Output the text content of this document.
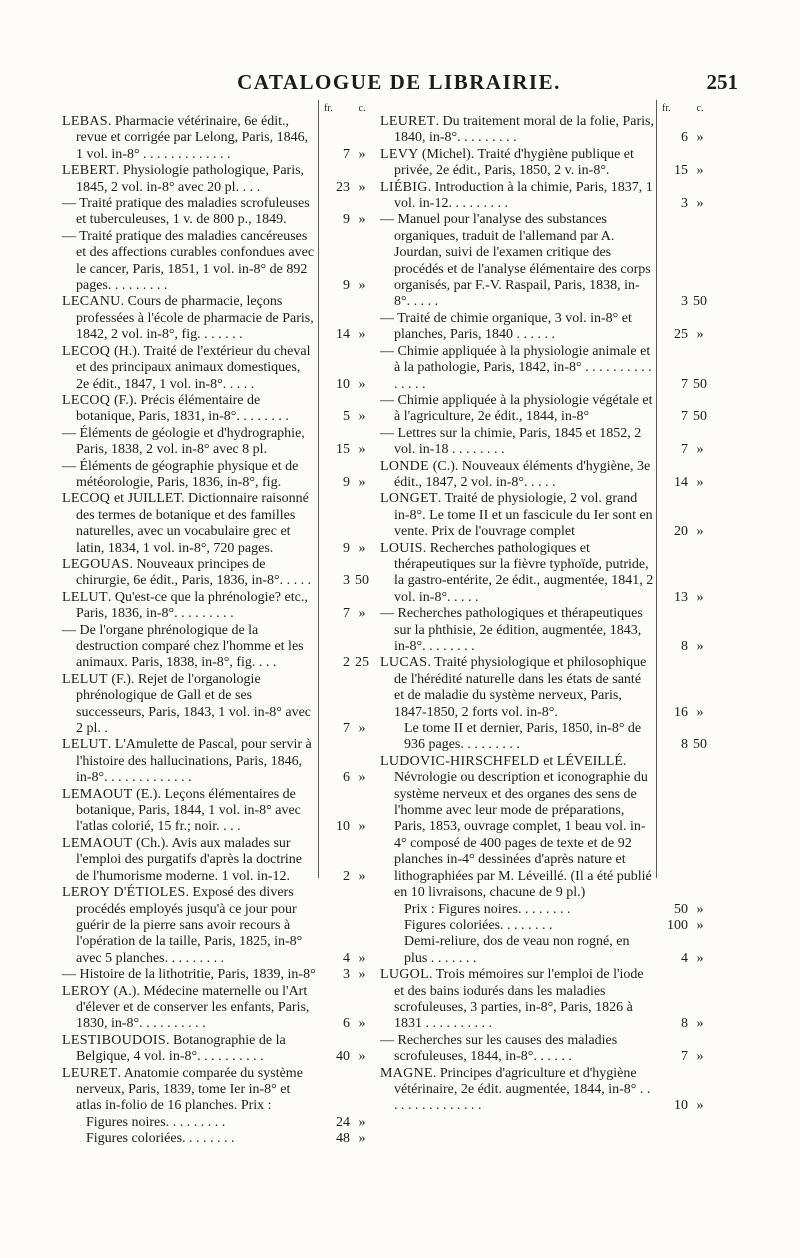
CATALOGUE DE LIBRAIRIE.	251
fr.	c.
LEBAS. Pharmacie vétérinaire, 6e édit., revue et corrigée par Lelong, Paris, 1846, 1 vol. in-8° . . . . . . . . . . . . .	7 »
LEBERT. Physiologie pathologique, Paris, 1845, 2 vol. in-8° avec 20 pl. . . .	23 »
— Traité pratique des maladies scrofuleuses et tuberculeuses, 1 v. de 800 p., 1849.	9 »
— Traité pratique des maladies cancéreuses et des affections curables confondues avec le cancer, Paris, 1851, 1 vol. in-8° de 892 pages. . . . . . . . .	9 »
LECANU. Cours de pharmacie, leçons professées à l'école de pharmacie de Paris, 1842, 2 vol. in-8°, fig. . . . . . .	14 »
LECOQ (H.). Traité de l'extérieur du cheval et des principaux animaux domestiques, 2e édit., 1847, 1 vol. in-8°. . . . .	10 »
LECOQ (F.). Précis élémentaire de botanique, Paris, 1831, in-8°. . . . . . . .	5 »
— Éléments de géologie et d'hydrographie, Paris, 1838, 2 vol. in-8° avec 8 pl.	15 »
— Éléments de géographie physique et de météorologie, Paris, 1836, in-8°, fig.	9 »
LECOQ et JUILLET. Dictionnaire raisonné des termes de botanique et des familles naturelles, avec un vocabulaire grec et latin, 1834, 1 vol. in-8°, 720 pages.	9 »
LEGOUAS. Nouveaux principes de chirurgie, 6e édit., Paris, 1836, in-8°. . . . .	3 50
LELUT. Qu'est-ce que la phrénologie? etc., Paris, 1836, in-8°. . . . . . . . .	7 »
— De l'organe phrénologique de la destruction comparé chez l'homme et les animaux. Paris, 1838, in-8°, fig. . . .	2 25
LELUT (F.). Rejet de l'organologie phrénologique de Gall et de ses successeurs, Paris, 1843, 1 vol. in-8° avec 2 pl. .	7 »
LELUT. L'Amulette de Pascal, pour servir à l'histoire des hallucinations, Paris, 1846, in-8°. . . . . . . . . . . . .	6 »
LEMAOUT (E.). Leçons élémentaires de botanique, Paris, 1844, 1 vol. in-8° avec l'atlas colorié, 15 fr.; noir. . . .	10 »
LEMAOUT (Ch.). Avis aux malades sur l'emploi des purgatifs d'après la doctrine de l'humorisme moderne. 1 vol. in-12.	2 »
LEROY D'ÉTIOLES. Exposé des divers procédés employés jusqu'à ce jour pour guérir de la pierre sans avoir recours à l'opération de la taille, Paris, 1825, in-8° avec 5 planches. . . . . . . . .	4 »
— Histoire de la lithotritie, Paris, 1839, in-8°	3 »
LEROY (A.). Médecine maternelle ou l'Art d'élever et de conserver les enfants, Paris, 1830, in-8°. . . . . . . . . .	6 »
LESTIBOUDOIS. Botanographie de la Belgique, 4 vol. in-8°. . . . . . . . . .	40 »
LEURET. Anatomie comparée du système nerveux, Paris, 1839, tome Ier in-8° et atlas in-folio de 16 planches. Prix :
Figures noires. . . . . . . . .	24 »
Figures coloriées. . . . . . . .	48 »
fr.	c.
LEURET. Du traitement moral de la folie, Paris, 1840, in-8°. . . . . . . . .	6 »
LEVY (Michel). Traité d'hygiène publique et privée, 2e édit., Paris, 1850, 2 v. in-8°.	15 »
LIÉBIG. Introduction à la chimie, Paris, 1837, 1 vol. in-12. . . . . . . . .	3 »
— Manuel pour l'analyse des substances organiques, traduit de l'allemand par A. Jourdan, suivi de l'examen critique des procédés et de l'analyse élémentaire des corps organisés, par F.-V. Raspail, Paris, 1838, in-8°. . . . .	3 50
— Traité de chimie organique, 3 vol. in-8° et planches, Paris, 1840 . . . . . .	25 »
— Chimie appliquée à la physiologie animale et à la pathologie, Paris, 1842, in-8° . . . . . . . . . . . . . . .	7 50
— Chimie appliquée à la physiologie végétale et à l'agriculture, 2e édit., 1844, in-8°	7 50
— Lettres sur la chimie, Paris, 1845 et 1852, 2 vol. in-18 . . . . . . . .	7 »
LONDE (C.). Nouveaux éléments d'hygiène, 3e édit., 1847, 2 vol. in-8°. . . . .	14 »
LONGET. Traité de physiologie, 2 vol. grand in-8°. Le tome II et un fascicule du Ier sont en vente. Prix de l'ouvrage complet	20 »
LOUIS. Recherches pathologiques et thérapeutiques sur la fièvre typhoïde, putride, la gastro-entérite, 2e édit., augmentée, 1841, 2 vol. in-8°. . . . .	13 »
— Recherches pathologiques et thérapeutiques sur la phthisie, 2e édition, augmentée, 1843, in-8°. . . . . . . .	8 »
LUCAS. Traité physiologique et philosophique de l'hérédité naturelle dans les états de santé et de maladie du système nerveux, Paris, 1847-1850, 2 forts vol. in-8°.	16 »
Le tome II et dernier, Paris, 1850, in-8° de 936 pages. . . . . . . . .	8 50
LUDOVIC-HIRSCHFELD et LÉVEILLÉ. Névrologie ou description et iconographie du système nerveux et des organes des sens de l'homme avec leur mode de préparations, Paris, 1853, ouvrage complet, 1 beau vol. in-4° composé de 400 pages de texte et de 92 planches in-4° dessinées d'après nature et lithographiées par M. Léveillé. (Il a été publié en 10 livraisons, chacune de 9 pl.)
Prix : Figures noires. . . . . . . .	50 »
Figures coloriées. . . . . . . .	100 »
Demi-reliure, dos de veau non rogné, en plus . . . . . . .	4 »
LUGOL. Trois mémoires sur l'emploi de l'iode et des bains iodurés dans les maladies scrofuleuses, 3 parties, in-8°, Paris, 1826 à 1831 . . . . . . . . . .	8 »
— Recherches sur les causes des maladies scrofuleuses, 1844, in-8°. . . . . .	7 »
MAGNE. Principes d'agriculture et d'hygiène vétérinaire, 2e édit. augmentée, 1844, in-8° . . . . . . . . . . . . . . .	10 »
